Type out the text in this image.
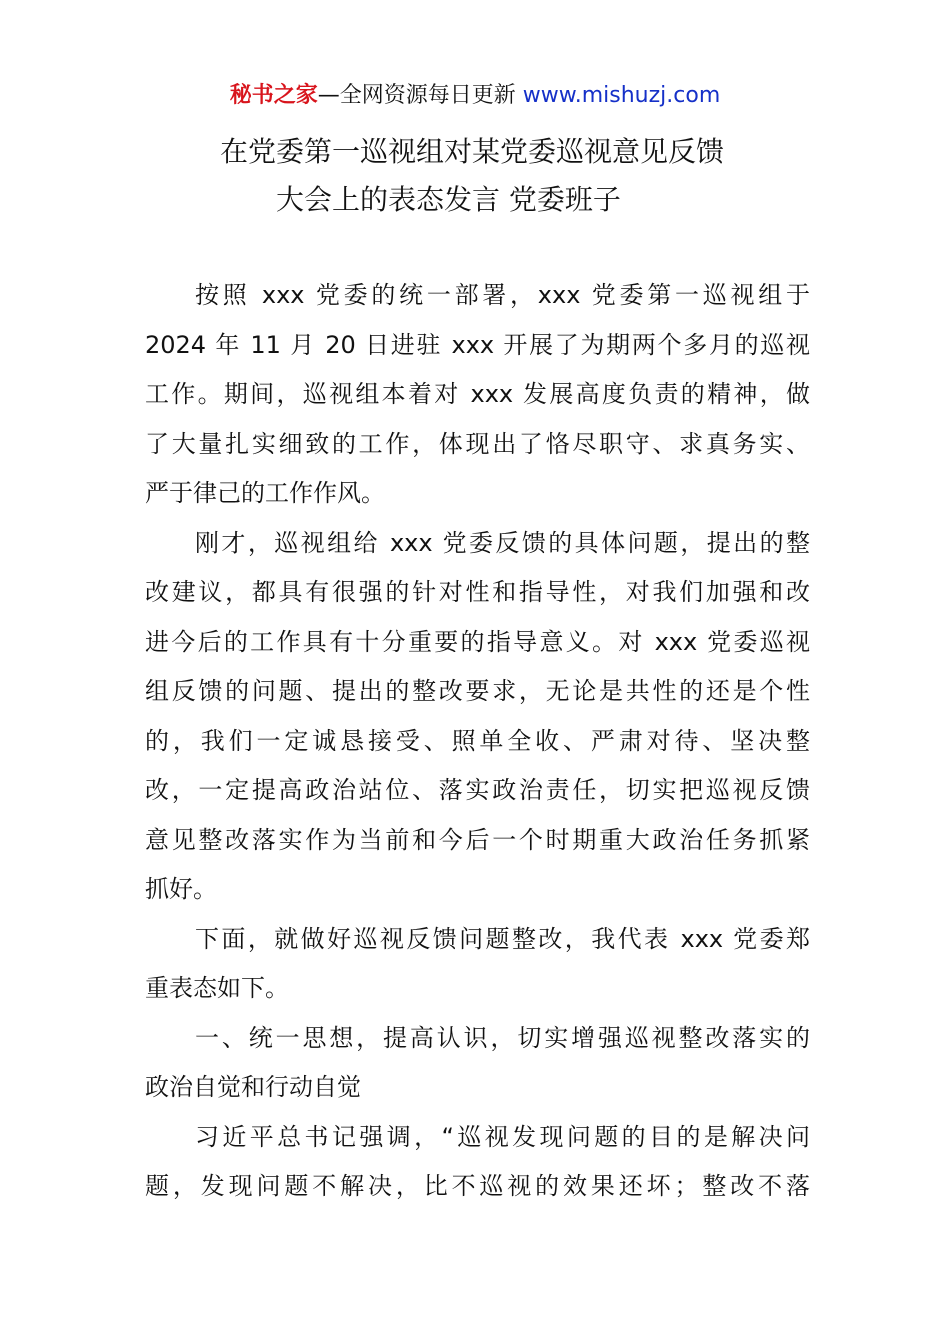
秘书之家—全网资源每日更新 www.mishuzj.com
在党委第一巡视组对某党委巡视意见反馈
大会上的表态发言 党委班子
按照 xxx 党委的统一部署，xxx 党委第一巡视组于
2024 年 11 月 20 日进驻 xxx 开展了为期两个多月的巡视
工作。期间，巡视组本着对 xxx 发展高度负责的精神，做
了大量扎实细致的工作，体现出了恪尽职守、求真务实、
严于律己的工作作风。
刚才，巡视组给 xxx 党委反馈的具体问题，提出的整
改建议，都具有很强的针对性和指导性，对我们加强和改
进今后的工作具有十分重要的指导意义。对 xxx 党委巡视
组反馈的问题、提出的整改要求，无论是共性的还是个性
的，我们一定诚恳接受、照单全收、严肃对待、坚决整
改，一定提高政治站位、落实政治责任，切实把巡视反馈
意见整改落实作为当前和今后一个时期重大政治任务抓紧
抓好。
下面，就做好巡视反馈问题整改，我代表 xxx 党委郑
重表态如下。
一、统一思想，提高认识，切实增强巡视整改落实的
政治自觉和行动自觉
习近平总书记强调，“巡视发现问题的目的是解决问
题，发现问题不解决，比不巡视的效果还坏；整改不落
